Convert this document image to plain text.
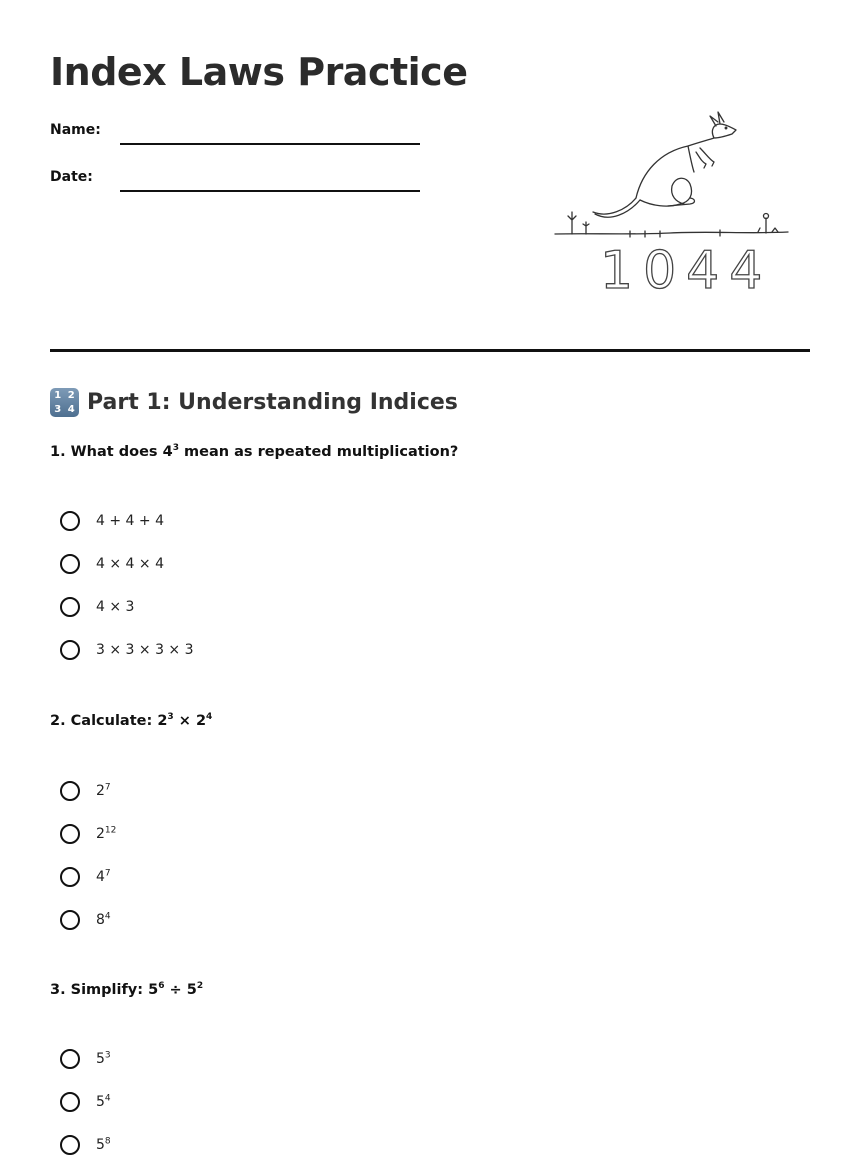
Index Laws Practice
Name:
Date:
1044
1 2
3 4 Part 1: Understanding Indices
1. What does $4^3$ mean as repeated multiplication?
4 + 4 + 4
4 × 4 × 4
4 × 3
3 × 3 × 3 × 3
2. Calculate: $2^3 \times 2^4$
$2^7$
$2^{12}$
$4^7$
$8^4$
3. Simplify: $5^6 \div 5^2$
$5^3$
$5^4$
$5^8$
